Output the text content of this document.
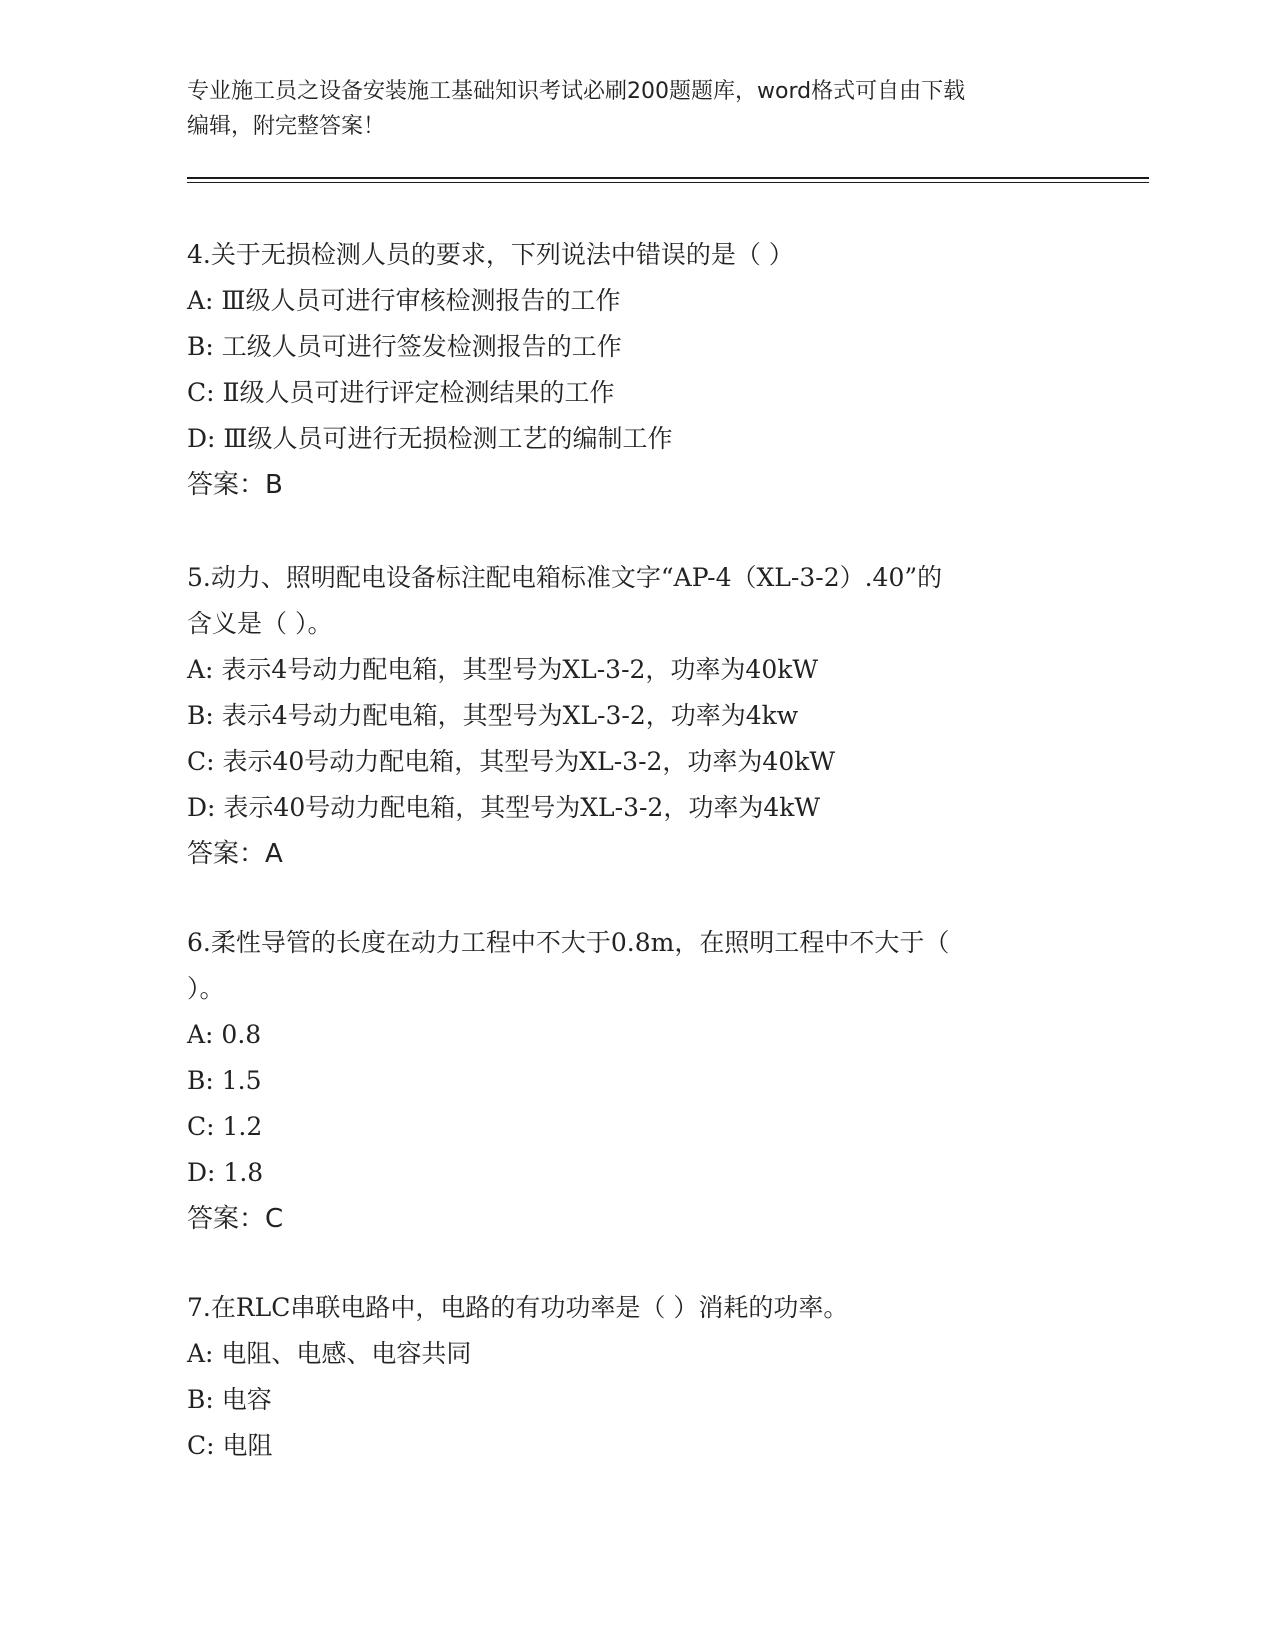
专业施工员之设备安装施工基础知识考试必刷200题题库，word格式可自由下载
编辑，附完整答案！
4.关于无损检测人员的要求，下列说法中错误的是（ ）
A: Ⅲ级人员可进行审核检测报告的工作
B: 工级人员可进行签发检测报告的工作
C: Ⅱ级人员可进行评定检测结果的工作
D: Ⅲ级人员可进行无损检测工艺的编制工作
答案：B
5.动力、照明配电设备标注配电箱标准文字“AP-4（XL-3-2）.40”的
含义是（ ）。
A: 表示4号动力配电箱，其型号为XL-3-2，功率为40kW
B: 表示4号动力配电箱，其型号为XL-3-2，功率为4kw
C: 表示40号动力配电箱，其型号为XL-3-2，功率为40kW
D: 表示40号动力配电箱，其型号为XL-3-2，功率为4kW
答案：A
6.柔性导管的长度在动力工程中不大于0.8m，在照明工程中不大于（
）。
A: 0.8
B: 1.5
C: 1.2
D: 1.8
答案：C
7.在RLC串联电路中，电路的有功功率是（ ）消耗的功率。
A: 电阻、电感、电容共同
B: 电容
C: 电阻
